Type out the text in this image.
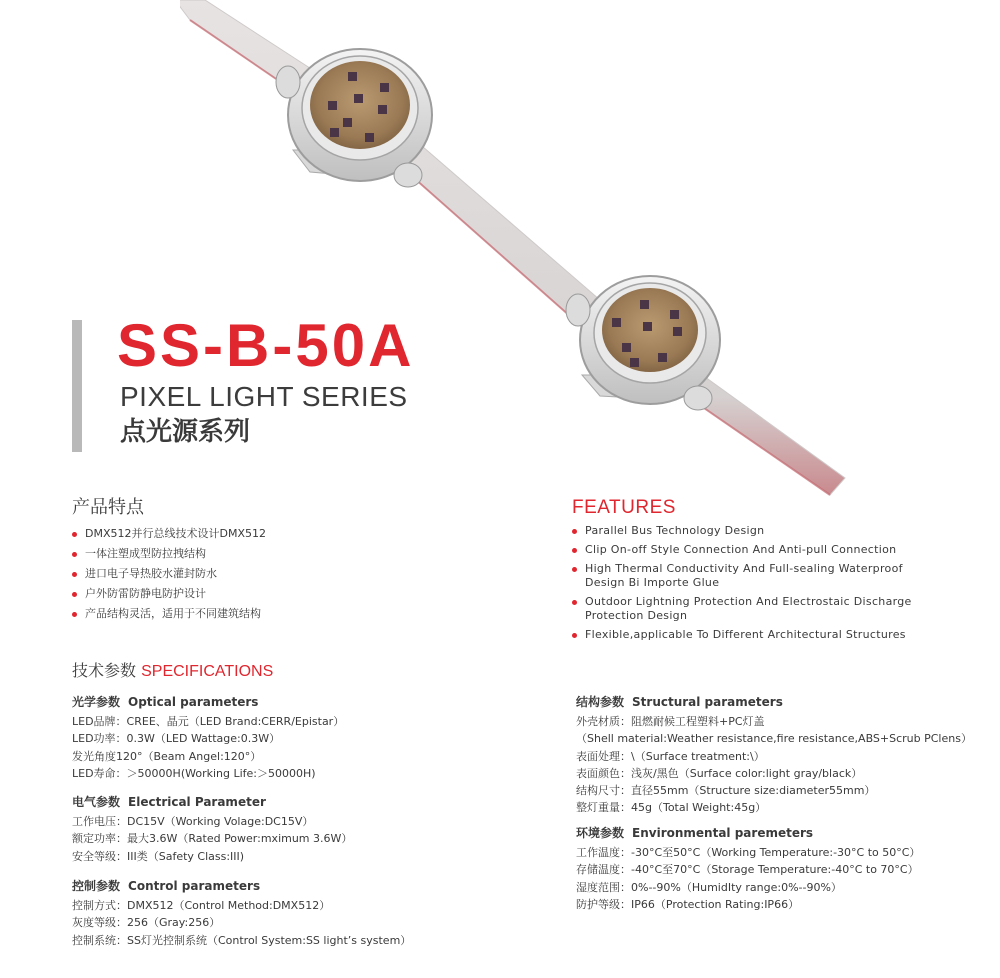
SS-B-50A
PIXEL LIGHT SERIES
点光源系列
产品特点	FEATURES
DMX512并行总线技术设计DMX512
一体注塑成型防拉拽结构
进口电子导热胶水灌封防水
户外防雷防静电防护设计
产品结构灵活，适用于不同建筑结构
Parallel Bus Technology Design
Clip On-off Style Connection And Anti-pull Connection
High Thermal Conductivity And Full-sealing Waterproof Design Bi Importe Glue
Outdoor Lightning Protection And Electrostaic Discharge Protection Design
Flexible,applicable To Different Architectural Structures
技术参数 SPECIFICATIONS
光学参数 Optical parameters
LED品牌：CREE、晶元（LED Brand:CERR/Epistar）
LED功率：0.3W（LED Wattage:0.3W）
发光角度120°（Beam Angel:120°）
LED寿命：＞50000H(Working Life:＞50000H)
电气参数 Electrical Parameter
工作电压：DC15V（Working Volage:DC15V）
额定功率：最大3.6W（Rated Power:mximum 3.6W）
安全等级：III类（Safety Class:III)
控制参数 Control parameters
控制方式：DMX512（Control Method:DMX512）
灰度等级：256（Gray:256）
控制系统：SS灯光控制系统（Control System:SS light’s system）
结构参数 Structural parameters
外壳材质：阻燃耐候工程塑料+PC灯盖
（Shell material:Weather resistance,fire resistance,ABS+Scrub PClens）
表面处理：\（Surface treatment:\）
表面颜色：浅灰/黑色（Surface color:light gray/black）
结构尺寸：直径55mm（Structure size:diameter55mm）
整灯重量：45g（Total Weight:45g）
环境参数 Environmental paremeters
工作温度：-30°C至50°C（Working Temperature:-30°C to 50°C）
存储温度：-40°C至70°C（Storage Temperature:-40°C to 70°C）
湿度范围：0%--90%（HumidIty range:0%--90%）
防护等级：IP66（Protection Rating:IP66）
